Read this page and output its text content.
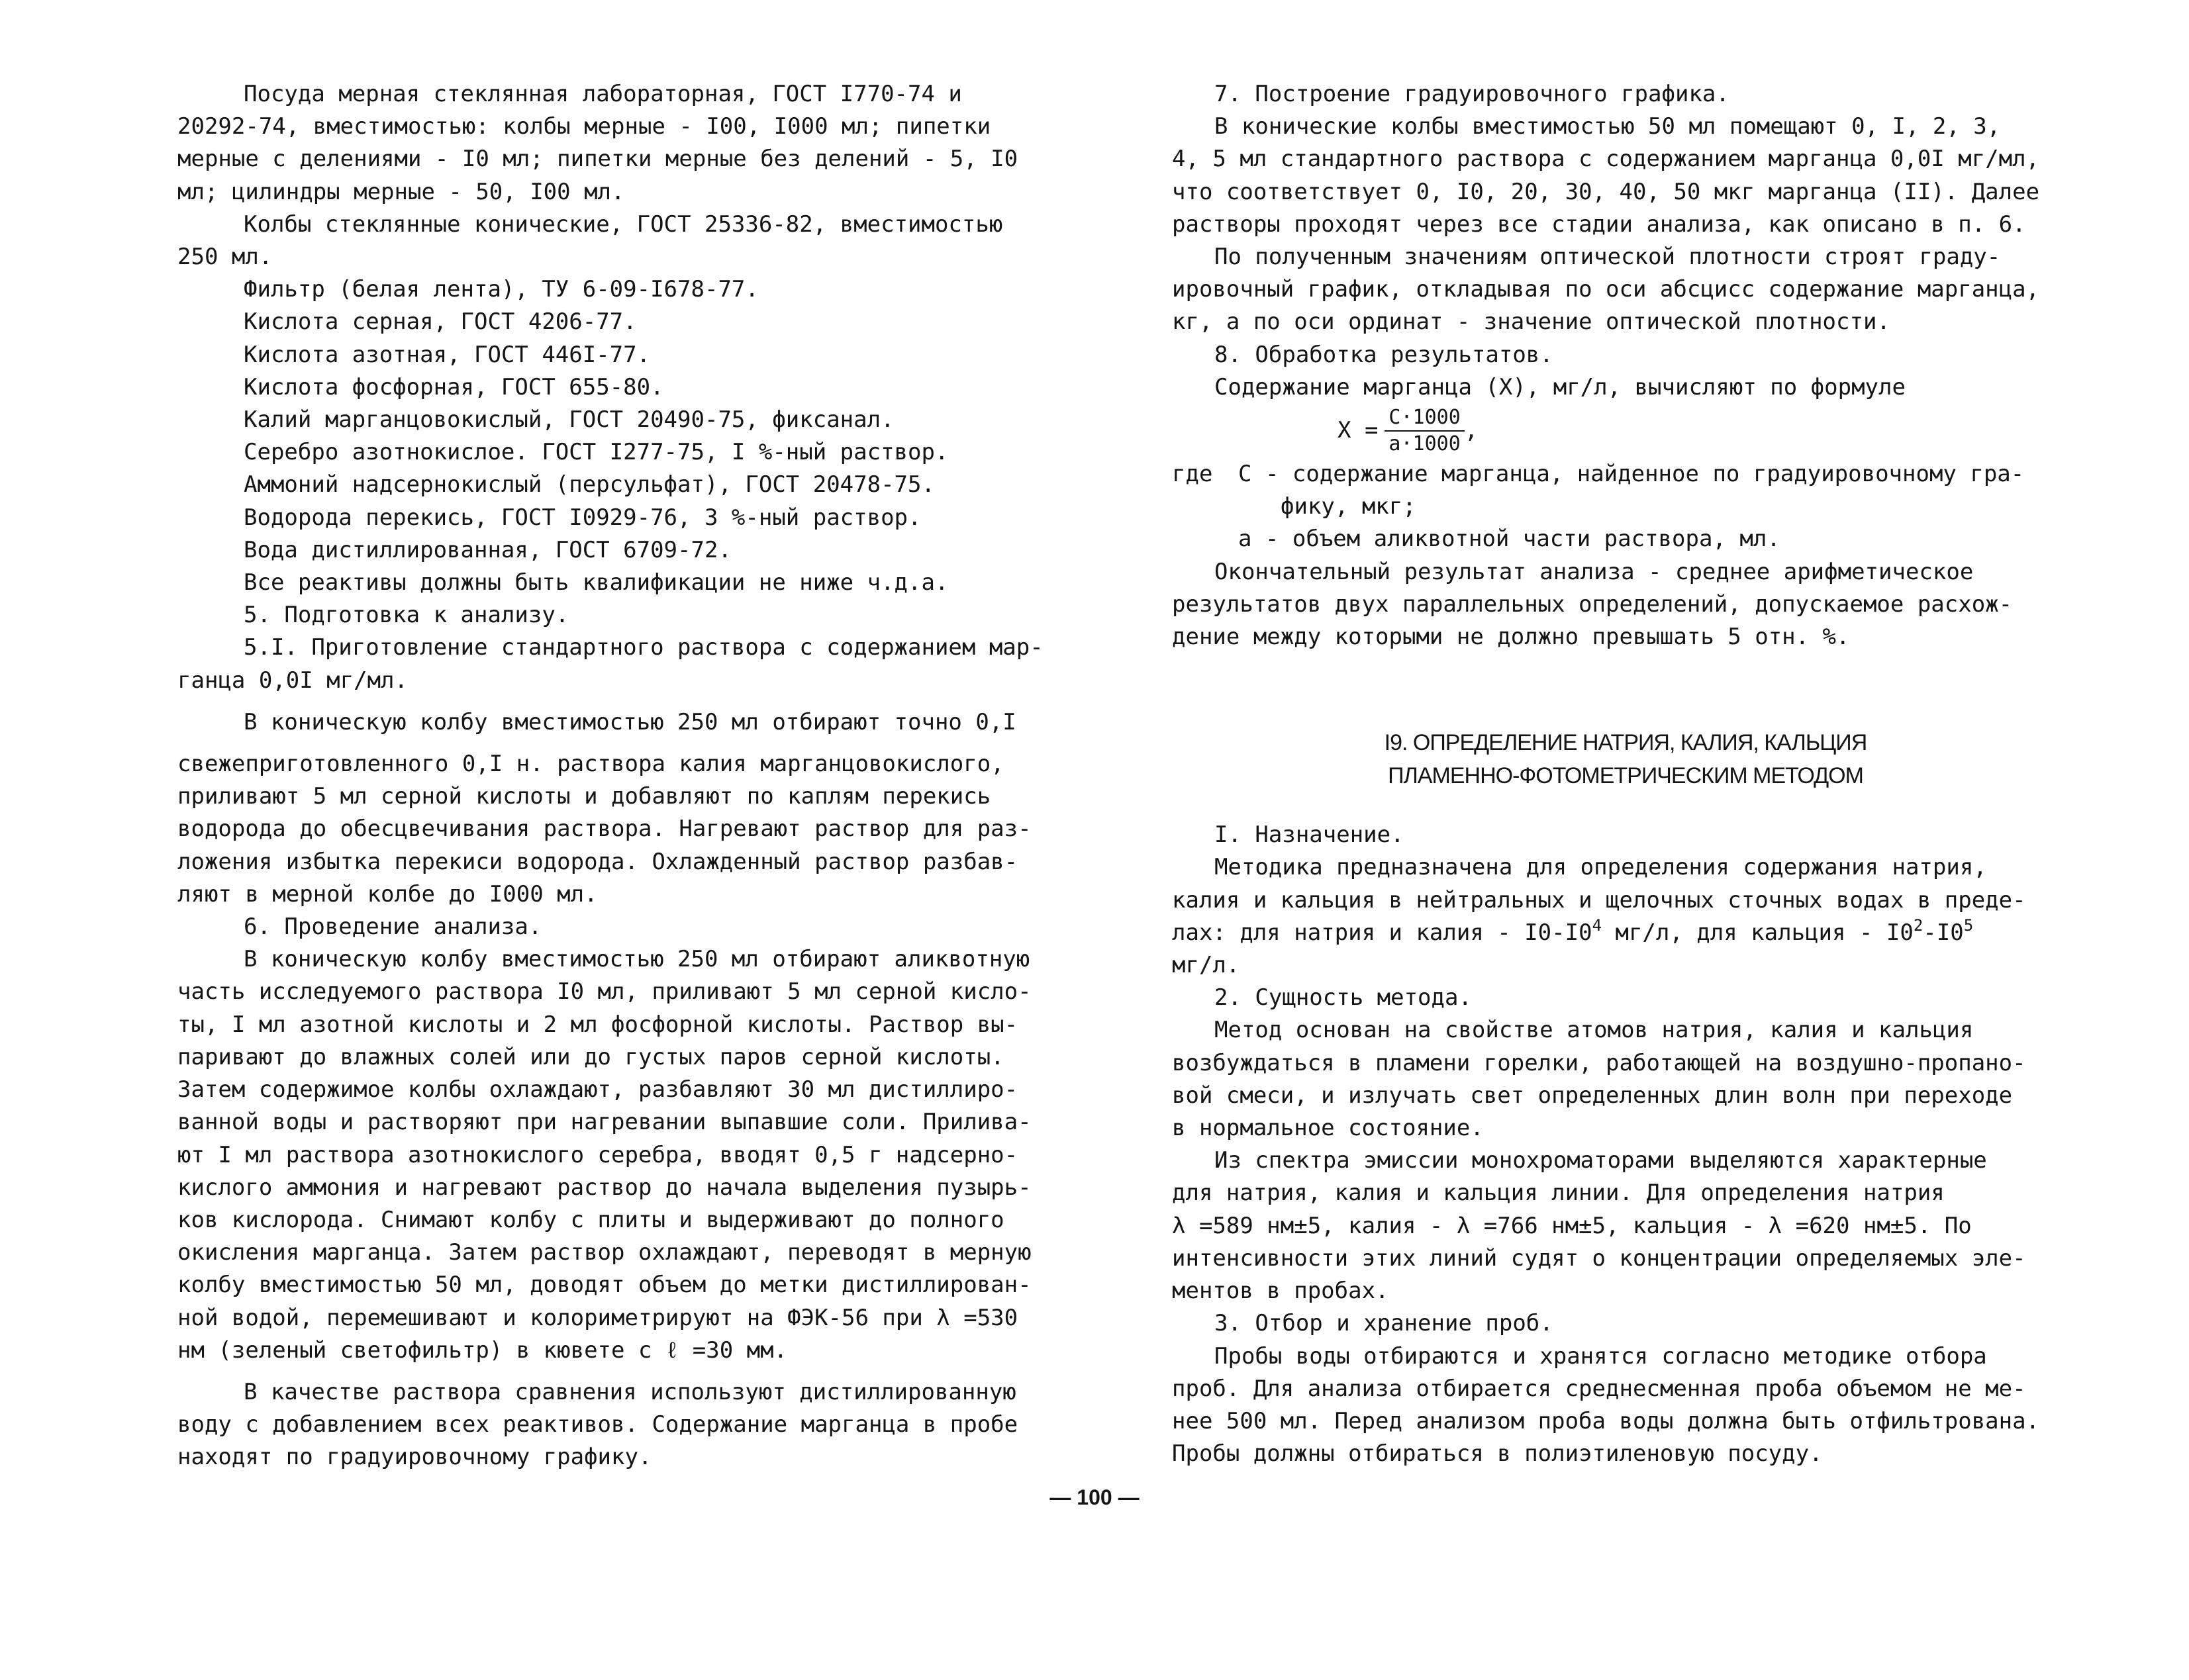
Посуда мерная стеклянная лабораторная, ГОСТ I770-74 и

20292-74, вместимостью: колбы мерные - I00, I000 мл; пипетки

мерные с делениями - I0 мл; пипетки мерные без делений - 5, I0

мл; цилиндры мерные - 50, I00 мл.

Колбы стеклянные конические, ГОСТ 25336-82, вместимостью

250 мл.

Фильтр (белая лента), ТУ 6-09-I678-77.

Кислота серная, ГОСТ 4206-77.

Кислота азотная, ГОСТ 446I-77.

Кислота фосфорная, ГОСТ 655-80.

Калий марганцовокислый, ГОСТ 20490-75, фиксанал.

Серебро азотнокислое. ГОСТ I277-75, I %-ный раствор.

Аммоний надсернокислый (персульфат), ГОСТ 20478-75.

Водорода перекись, ГОСТ I0929-76, 3 %-ный раствор.

Вода дистиллированная, ГОСТ 6709-72.

Все реактивы должны быть квалификации не ниже ч.д.а.

5. Подготовка к анализу.

5.I. Приготовление стандартного раствора с содержанием мар-

ганца 0,0I мг/мл.

В коническую колбу вместимостью 250 мл отбирают точно 0,I

свежеприготовленного 0,I н. раствора калия марганцовокислого,

приливают 5 мл серной кислоты и добавляют по каплям перекись

водорода до обесцвечивания раствора. Нагревают раствор для раз-

ложения избытка перекиси водорода. Охлажденный раствор разбав-

ляют в мерной колбе до I000 мл.

6. Проведение анализа.

В коническую колбу вместимостью 250 мл отбирают аликвотную

часть исследуемого раствора I0 мл, приливают 5 мл серной кисло-

ты, I мл азотной кислоты и 2 мл фосфорной кислоты. Раствор вы-

паривают до влажных солей или до густых паров серной кислоты.

Затем содержимое колбы охлаждают, разбавляют 30 мл дистиллиро-

ванной воды и растворяют при нагревании выпавшие соли. Прилива-

ют I мл раствора азотнокислого серебра, вводят 0,5 г надсерно-

кислого аммония и нагревают раствор до начала выделения пузырь-

ков кислорода. Снимают колбу с плиты и выдерживают до полного

окисления марганца. Затем раствор охлаждают, переводят в мерную

колбу вместимостью 50 мл, доводят объем до метки дистиллирован-

ной водой, перемешивают и колориметрируют на ФЭК-56 при λ =530

нм (зеленый светофильтр) в кювете с ℓ =30 мм.

В качестве раствора сравнения используют дистиллированную

воду с добавлением всех реактивов. Содержание марганца в пробе

находят по градуировочному графику.

7. Построение градуировочного графика.

В конические колбы вместимостью 50 мл помещают 0, I, 2, 3,

4, 5 мл стандартного раствора с содержанием марганца 0,0I мг/мл,

что соответствует 0, I0, 20, 30, 40, 50 мкг марганца (II). Далее

растворы проходят через все стадии анализа, как описано в п. 6.

По полученным значениям оптической плотности строят граду-

ировочный график, откладывая по оси абсцисс содержание марганца,

кг, а по оси ординат - значение оптической плотности.

8. Обработка результатов.

Содержание марганца (X), мг/л, вычисляют по формуле

$X = \frac{C\cdot 1000}{a\cdot 1000}$ ,
где	С - содержание марганца, найденное по градуировочному гра-

фику, мкг;

а - объем аликвотной части раствора, мл.

Окончательный результат анализа - среднее арифметическое

результатов двух параллельных определений, допускаемое расхож-

дение между которыми не должно превышать 5 отн. %.

I9. ОПРЕДЕЛЕНИЕ НАТРИЯ, КАЛИЯ, КАЛЬЦИЯ

ПЛАМЕННО-ФОТОМЕТРИЧЕСКИМ МЕТОДОМ

I. Назначение.

Методика предназначена для определения содержания натрия,

калия и кальция в нейтральных и щелочных сточных водах в преде-

лах: для натрия и калия - $I0-I0^4$ мг/л, для кальция - $I0^2-I0^5$

мг/л.

2. Сущность метода.

Метод основан на свойстве атомов натрия, калия и кальция

возбуждаться в пламени горелки, работающей на воздушно-пропано-

вой смеси, и излучать свет определенных длин волн при переходе

в нормальное состояние.

Из спектра эмиссии монохроматорами выделяются характерные

для натрия, калия и кальция линии. Для определения натрия

λ =589 нм±5, калия - λ =766 нм±5, кальция - λ =620 нм±5. По

интенсивности этих линий судят о концентрации определяемых эле-

ментов в пробах.

3. Отбор и хранение проб.

Пробы воды отбираются и хранятся согласно методике отбора

проб. Для анализа отбирается среднесменная проба объемом не ме-

нее 500 мл. Перед анализом проба воды должна быть отфильтрована.

Пробы должны отбираться в полиэтиленовую посуду.

— 100 —
